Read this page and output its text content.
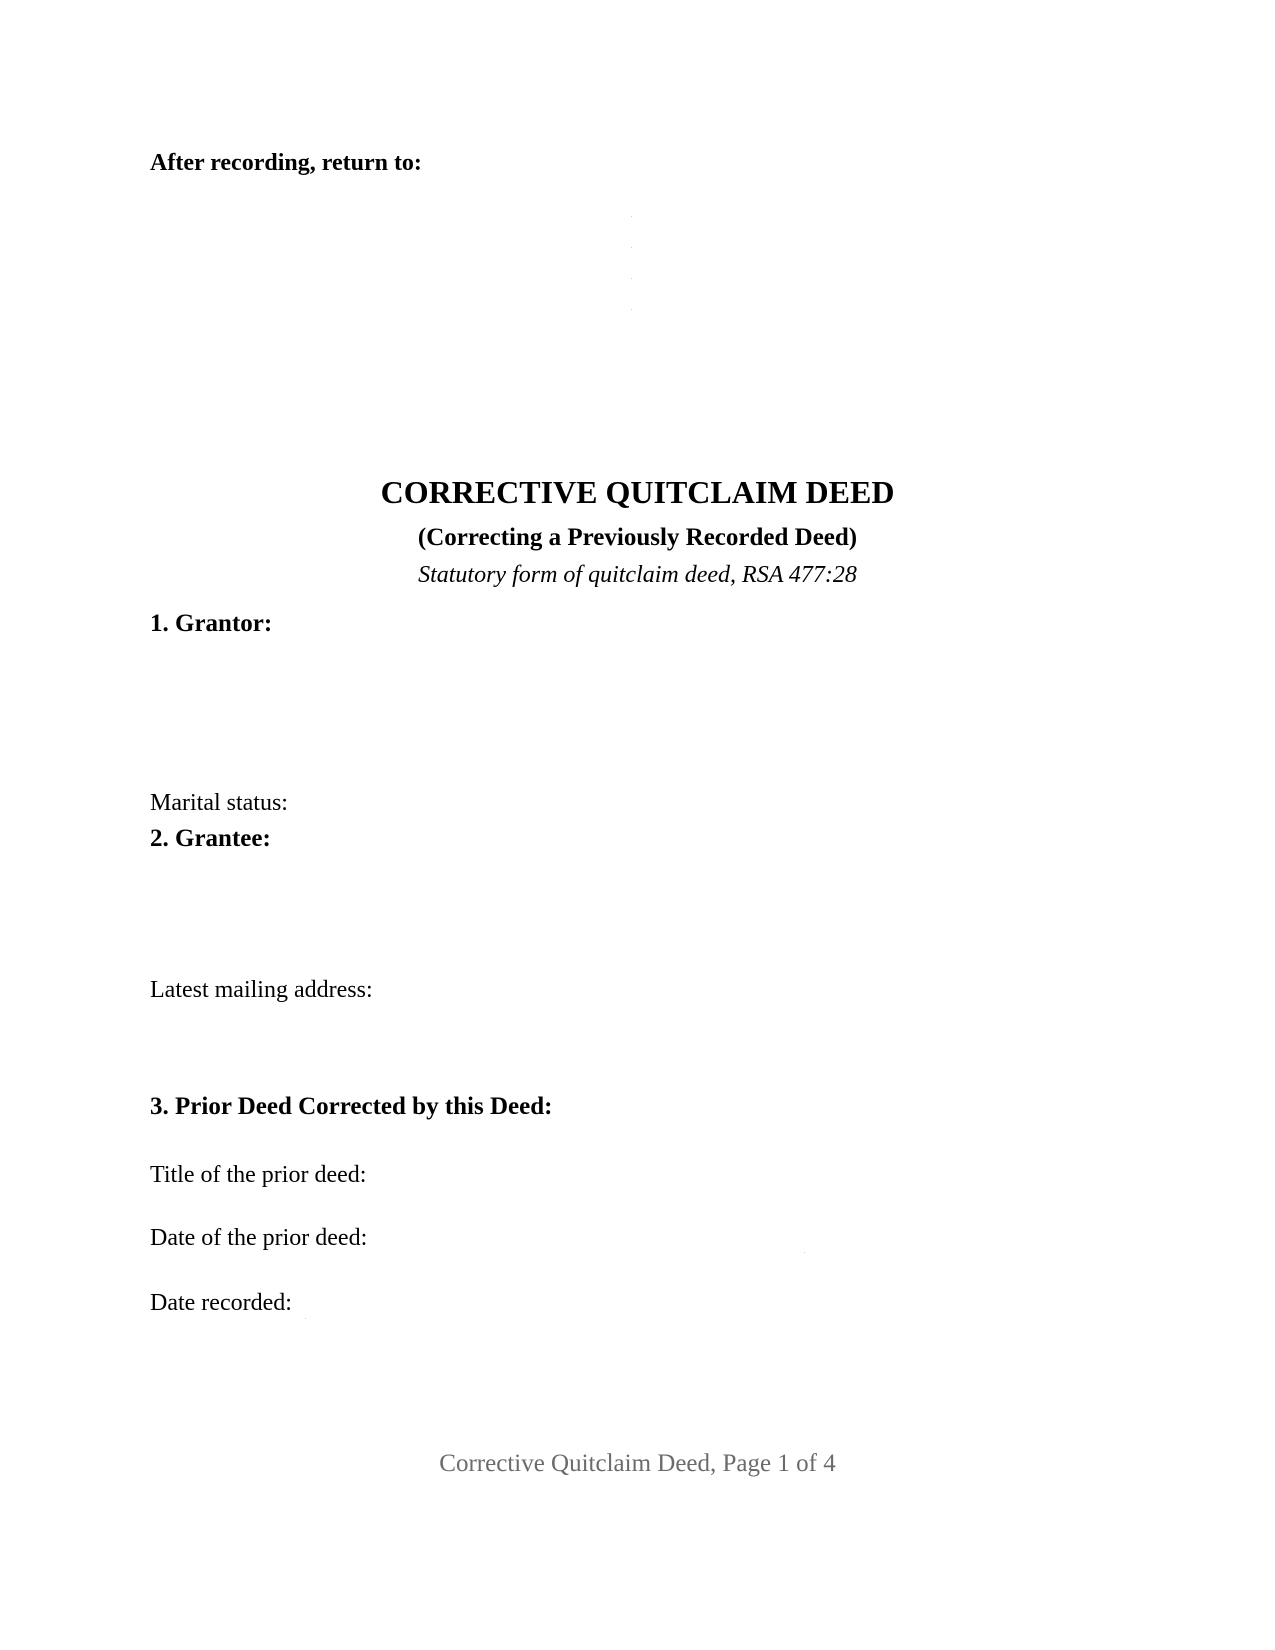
After recording, return to:
CORRECTIVE QUITCLAIM DEED
(Correcting a Previously Recorded Deed)
Statutory form of quitclaim deed, RSA 477:28
1. Grantor:
Marital status:
2. Grantee:
Latest mailing address:
3. Prior Deed Corrected by this Deed:
Title of the prior deed:
Date of the prior deed:
Date recorded:
Corrective Quitclaim Deed, Page 1 of 4
